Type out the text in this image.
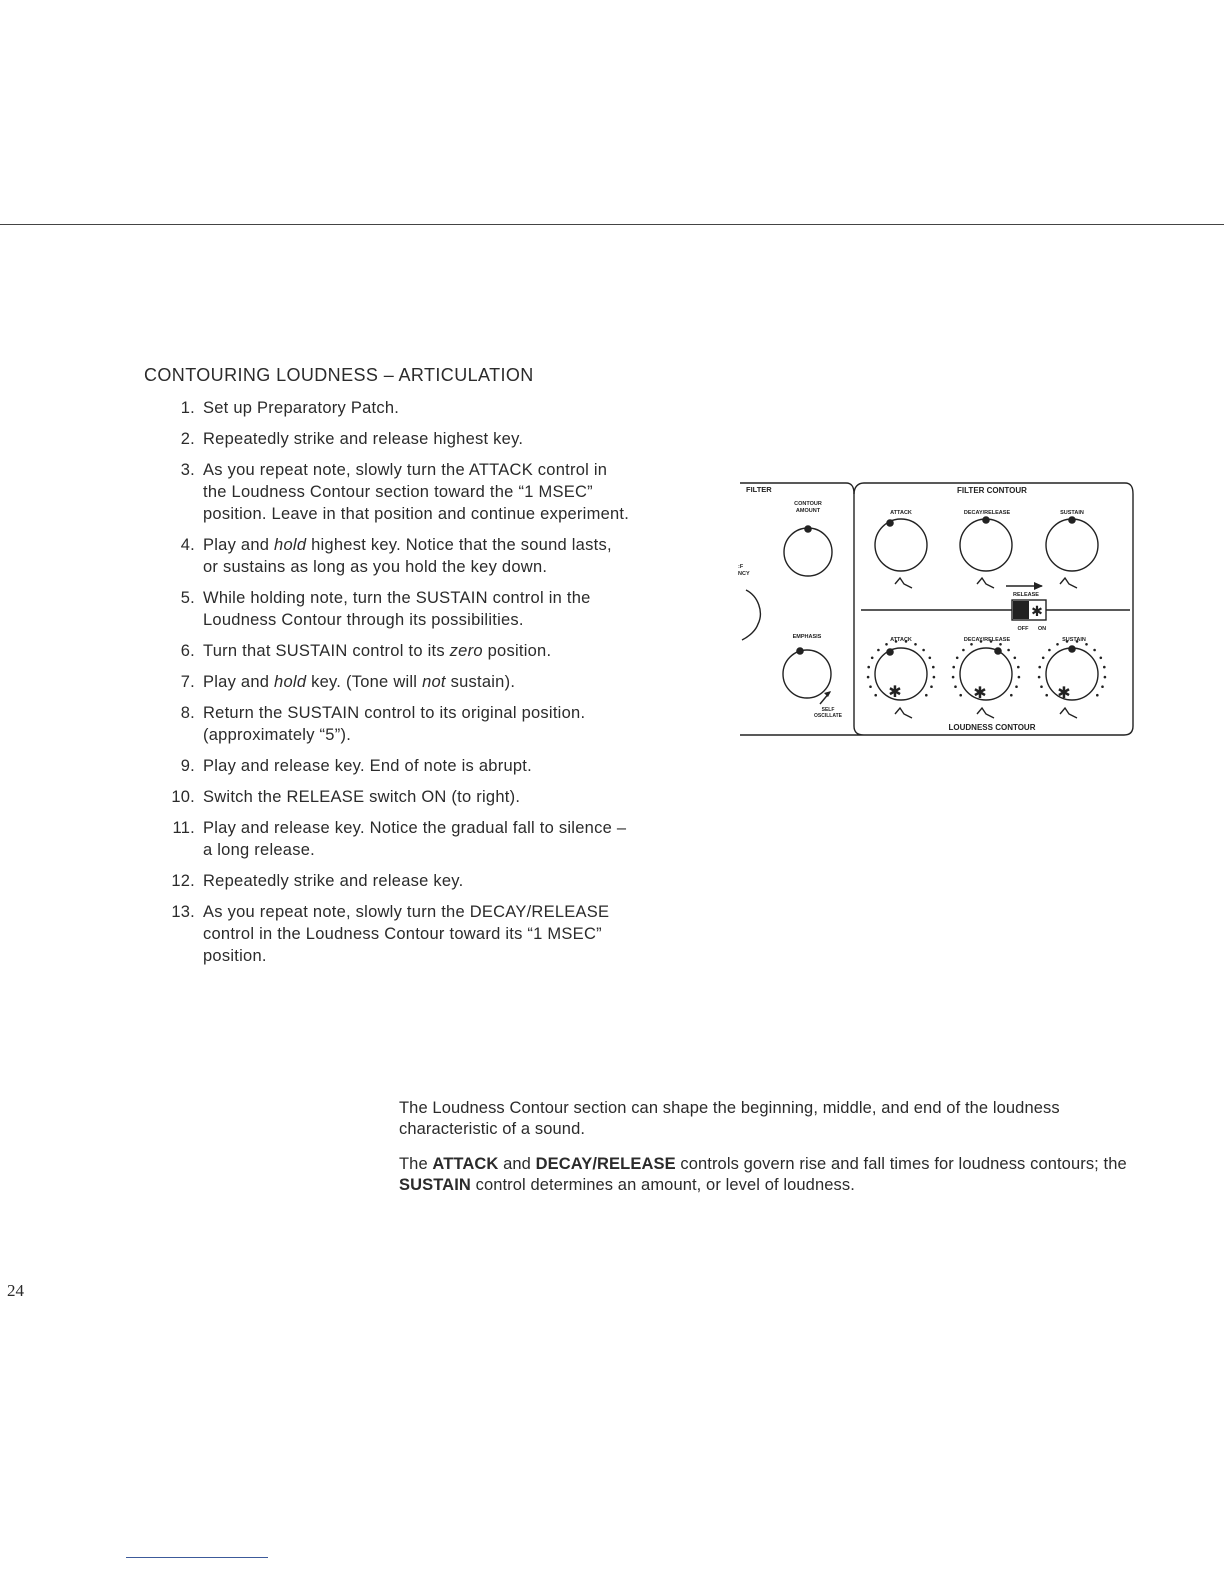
CONTOURING LOUDNESS – ARTICULATION
1. Set up Preparatory Patch.
2. Repeatedly strike and release highest key.
3. As you repeat note, slowly turn the ATTACK control in the Loudness Contour section toward the “1 MSEC” position. Leave in that position and continue experiment.
4. Play and hold highest key. Notice that the sound lasts, or sustains as long as you hold the key down.
5. While holding note, turn the SUSTAIN control in the Loudness Contour through its possibilities.
6. Turn that SUSTAIN control to its zero position.
7. Play and hold key. (Tone will not sustain).
8. Return the SUSTAIN control to its original position. (approximately “5”).
9. Play and release key. End of note is abrupt.
10. Switch the RELEASE switch ON (to right).
11. Play and release key. Notice the gradual fall to silence – a long release.
12. Repeatedly strike and release key.
13. As you repeat note, slowly turn the DECAY/RELEASE control in the Loudness Contour toward its “1 MSEC” position.
✱
✱	✱	✱
FILTER
CONTOUR
AMOUNT
:F
NCY
EMPHASIS
SELF
OSCILLATE
FILTER CONTOUR
ATTACK	DECAY/RELEASE	SUSTAIN
RELEASE
OFF ON
ATTACK	DECAY/RELEASE	SUSTAIN
LOUDNESS CONTOUR

The Loudness Contour section can shape the beginning, middle, and end of the loudness characteristic of a sound.

The ATTACK and DECAY/RELEASE controls govern rise and fall times for loudness contours; the SUSTAIN control determines an amount, or level of loudness.

24
